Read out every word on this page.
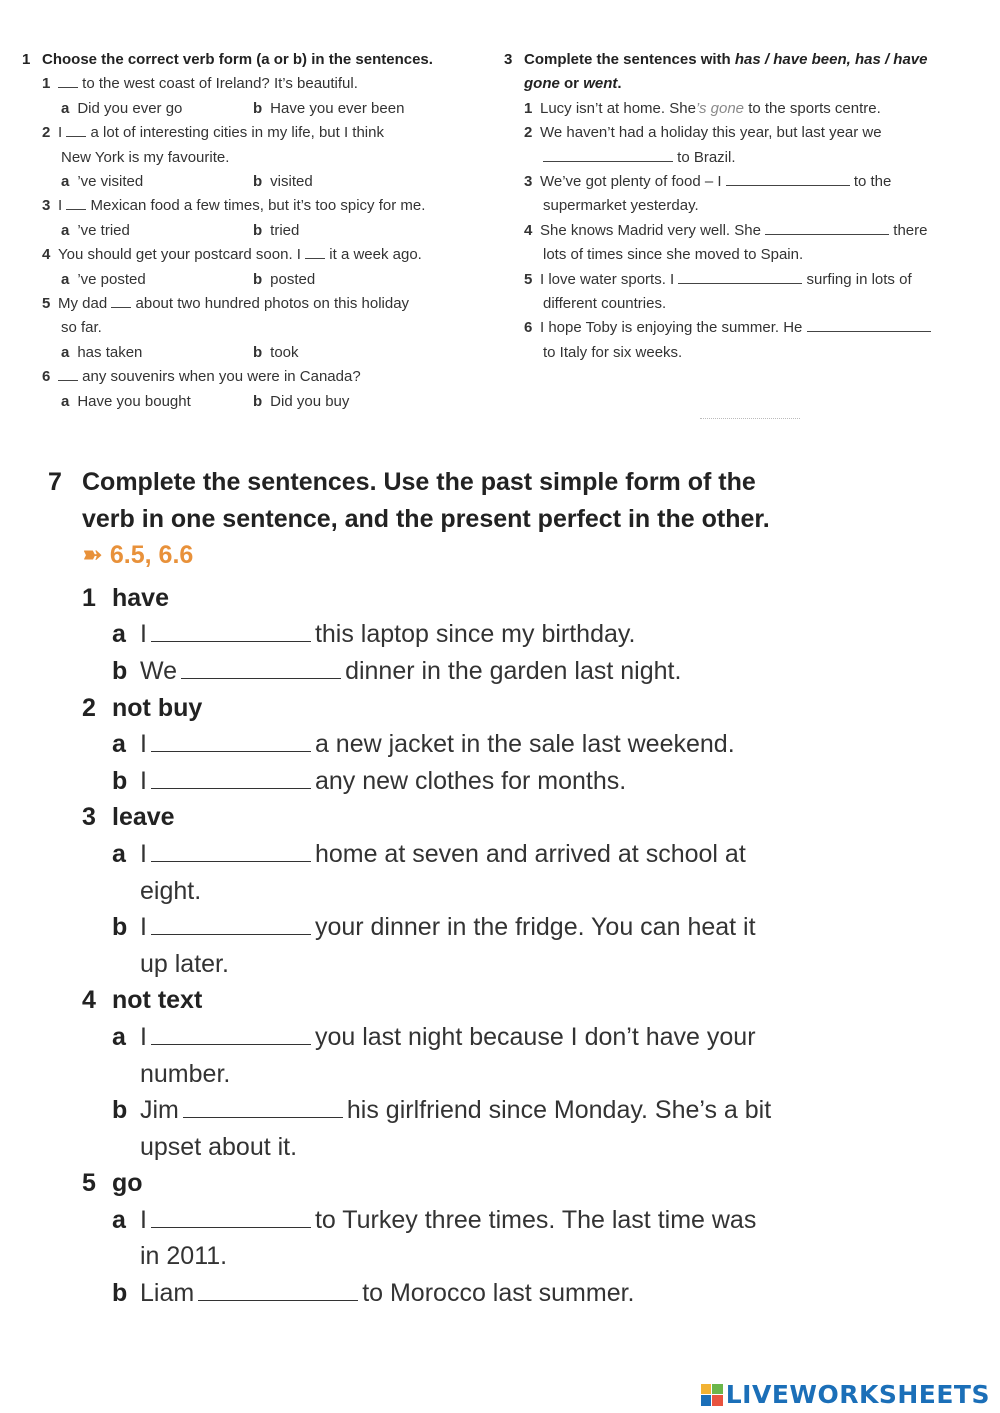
1 Choose the correct verb form (a or b) in the sentences.
1 to the west coast of Ireland? It’s beautiful.
a Did you ever go	b Have you ever been
2 I  a lot of interesting cities in my life, but I think
New York is my favourite.
a ’ve visited	b visited
3 I  Mexican food a few times, but it’s too spicy for me.
a ’ve tried	b tried
4 You should get your postcard soon. I  it a week ago.
a ’ve posted	b posted
5 My dad  about two hundred photos on this holiday
so far.
a has taken	b took
6 any souvenirs when you were in Canada?
a Have you bought	b Did you buy
3 Complete the sentences with has / have been, has / have gone or went.
1 Lucy isn’t at home. She’s gone to the sports centre.
2 We haven’t had a holiday this year, but last year we
to Brazil.
3 We’ve got plenty of food – I	to the
supermarket yesterday.
4 She knows Madrid very well. She	there
lots of times since she moved to Spain.
5 I love water sports. I	surfing in lots of
different countries.
6 I hope Toby is enjoying the summer. He
to Italy for six weeks.
7 Complete the sentences. Use the past simple form of the
verb in one sentence, and the present perfect in the other.
➽ 6.5, 6.6
1 have
a I	this laptop since my birthday.
b We	dinner in the garden last night.
2 not buy
a I	a new jacket in the sale last weekend.
b I	any new clothes for months.
3 leave
a I	home at seven and arrived at school at
eight.
b I	your dinner in the fridge. You can heat it
up later.
4 not text
a I	you last night because I don’t have your
number.
b Jim	his girlfriend since Monday. She’s a bit
upset about it.
5 go
a I	to Turkey three times. The last time was
in 2011.
b Liam	to Morocco last summer.
LIVEWORKSHEETS
